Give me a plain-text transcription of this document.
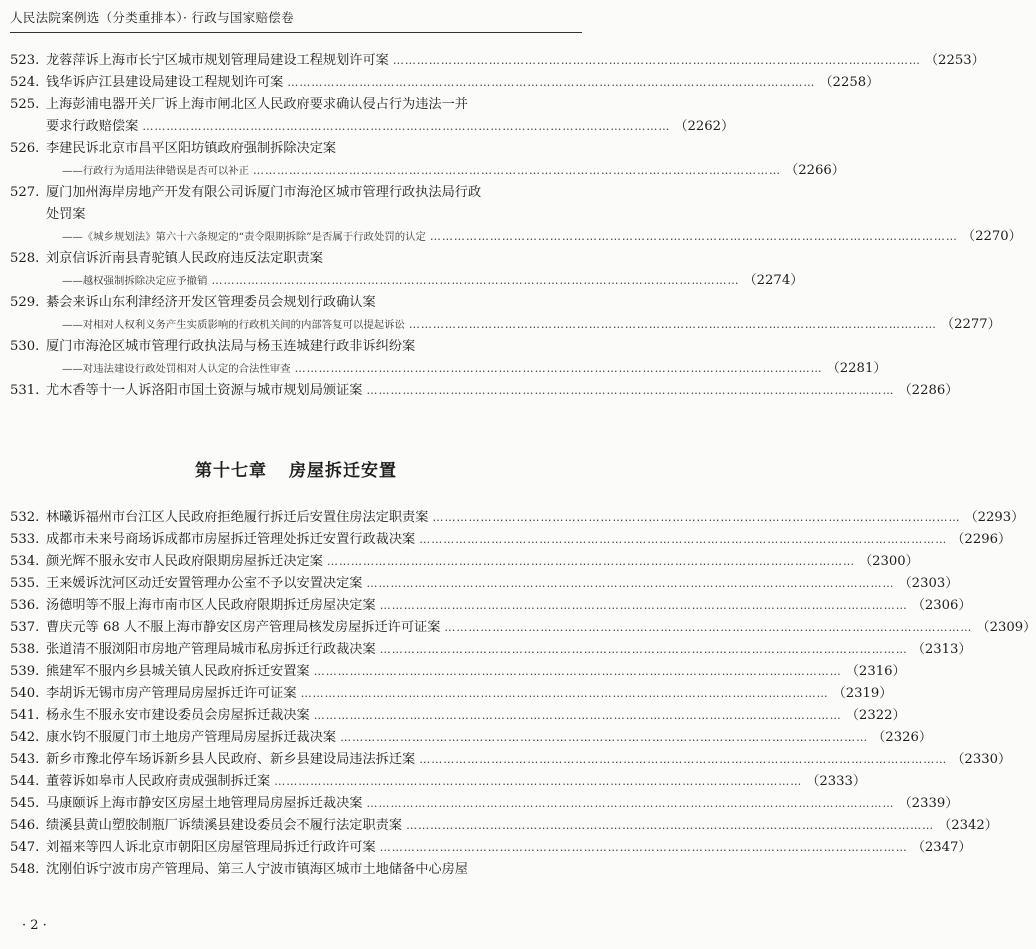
人民法院案例选（分类重排本）· 行政与国家赔偿卷
523. 龙蓉萍诉上海市长宁区城市规划管理局建设工程规划许可案 ……………………………………………………………………………………………………………………	（2253）
524. 钱华诉庐江县建设局建设工程规划许可案 ……………………………………………………………………………………………………………………	（2258）
525. 上海彭浦电器开关厂诉上海市闸北区人民政府要求确认侵占行为违法一并
要求行政赔偿案 ……………………………………………………………………………………………………………………	（2262）
526. 李建民诉北京市昌平区阳坊镇政府强制拆除决定案
——行政行为适用法律错误是否可以补正 ……………………………………………………………………………………………………………………	（2266）
527. 厦门加州海岸房地产开发有限公司诉厦门市海沧区城市管理行政执法局行政
处罚案
——《城乡规划法》第六十六条规定的“责令限期拆除”是否属于行政处罚的认定 ……………………………………………………………………………………………………………………	（2270）
528. 刘京信诉沂南县青驼镇人民政府违反法定职责案
——越权强制拆除决定应予撤销 ……………………………………………………………………………………………………………………	（2274）
529. 綦会来诉山东利津经济开发区管理委员会规划行政确认案
——对相对人权利义务产生实质影响的行政机关间的内部答复可以提起诉讼 ……………………………………………………………………………………………………………………	（2277）
530. 厦门市海沧区城市管理行政执法局与杨玉连城建行政非诉纠纷案
——对违法建设行政处罚相对人认定的合法性审查 ……………………………………………………………………………………………………………………	（2281）
531. 尤木香等十一人诉洛阳市国土资源与城市规划局颁证案 ……………………………………………………………………………………………………………………	（2286）
第十七章 房屋拆迁安置
532. 林曦诉福州市台江区人民政府拒绝履行拆迁后安置住房法定职责案 ……………………………………………………………………………………………………………………	（2293）
533. 成都市未来号商场诉成都市房屋拆迁管理处拆迁安置行政裁决案 ……………………………………………………………………………………………………………………	（2296）
534. 颜光辉不服永安市人民政府限期房屋拆迁决定案 ……………………………………………………………………………………………………………………	（2300）
535. 王来媛诉沈河区动迁安置管理办公室不予以安置决定案 ……………………………………………………………………………………………………………………	（2303）
536. 汤德明等不服上海市南市区人民政府限期拆迁房屋决定案 ……………………………………………………………………………………………………………………	（2306）
537. 曹庆元等 68 人不服上海市静安区房产管理局核发房屋拆迁许可证案 ……………………………………………………………………………………………………………………	（2309）
538. 张道清不服浏阳市房地产管理局城市私房拆迁行政裁决案 ……………………………………………………………………………………………………………………	（2313）
539. 熊建军不服内乡县城关镇人民政府拆迁安置案 ……………………………………………………………………………………………………………………	（2316）
540. 李胡诉无锡市房产管理局房屋拆迁许可证案 ……………………………………………………………………………………………………………………	（2319）
541. 杨永生不服永安市建设委员会房屋拆迁裁决案 ……………………………………………………………………………………………………………………	（2322）
542. 康水钧不服厦门市土地房产管理局房屋拆迁裁决案 ……………………………………………………………………………………………………………………	（2326）
543. 新乡市豫北停车场诉新乡县人民政府、新乡县建设局违法拆迁案 ……………………………………………………………………………………………………………………	（2330）
544. 董蓉诉如皋市人民政府责成强制拆迁案 ……………………………………………………………………………………………………………………	（2333）
545. 马康颐诉上海市静安区房屋土地管理局房屋拆迁裁决案 ……………………………………………………………………………………………………………………	（2339）
546. 绩溪县黄山塑胶制瓶厂诉绩溪县建设委员会不履行法定职责案 ……………………………………………………………………………………………………………………	（2342）
547. 刘福来等四人诉北京市朝阳区房屋管理局拆迁行政许可案 ……………………………………………………………………………………………………………………	（2347）
548. 沈刚伯诉宁波市房产管理局、第三人宁波市镇海区城市土地储备中心房屋
· 2 ·
